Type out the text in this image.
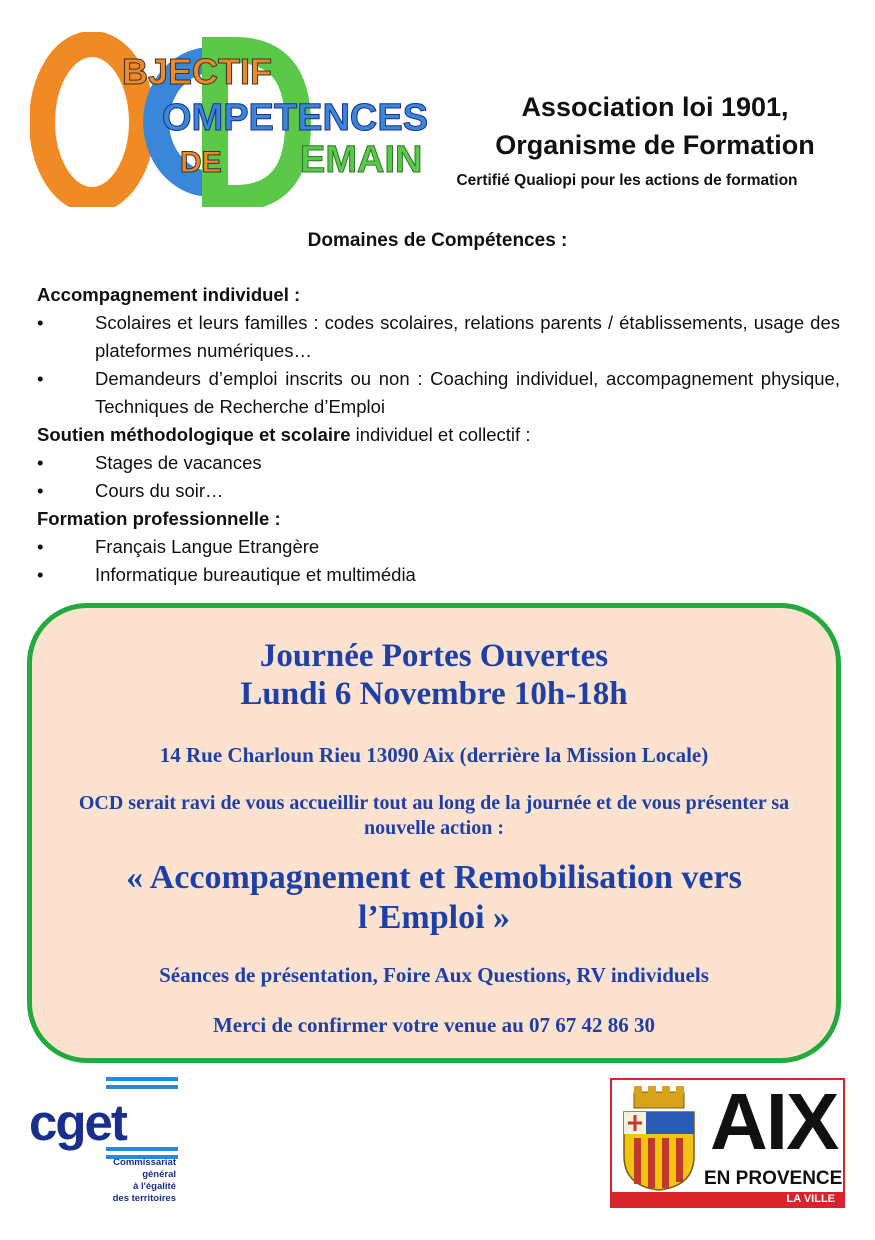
BJECTIF
OMPETENCES
DE EMAIN
Association loi 1901,
Organisme de Formation
Certifié Qualiopi pour les actions de formation
Domaines de Compétences :
Accompagnement individuel :
•	Scolaires et leurs familles : codes scolaires, relations parents / établissements, usage des plateformes numériques…
•	Demandeurs d’emploi inscrits ou non : Coaching individuel, accompagnement physique, Techniques de Recherche d’Emploi
Soutien méthodologique et scolaire individuel et collectif :
•	Stages de vacances
•	Cours du soir…
Formation professionnelle :
•	Français Langue Etrangère
•	Informatique bureautique et multimédia
Journée Portes Ouvertes
Lundi 6 Novembre 10h-18h
14 Rue Charloun Rieu 13090 Aix (derrière la Mission Locale)
OCD serait ravi de vous accueillir tout au long de la journée et de vous présenter sa nouvelle action :
« Accompagnement et Remobilisation vers l’Emploi »
Séances de présentation, Foire Aux Questions, RV individuels
Merci de confirmer votre venue au 07 67 42 86 30
cget
Commissariat
général
à l'égalité
des territoires
AIX
EN PROVENCE
LA VILLE
